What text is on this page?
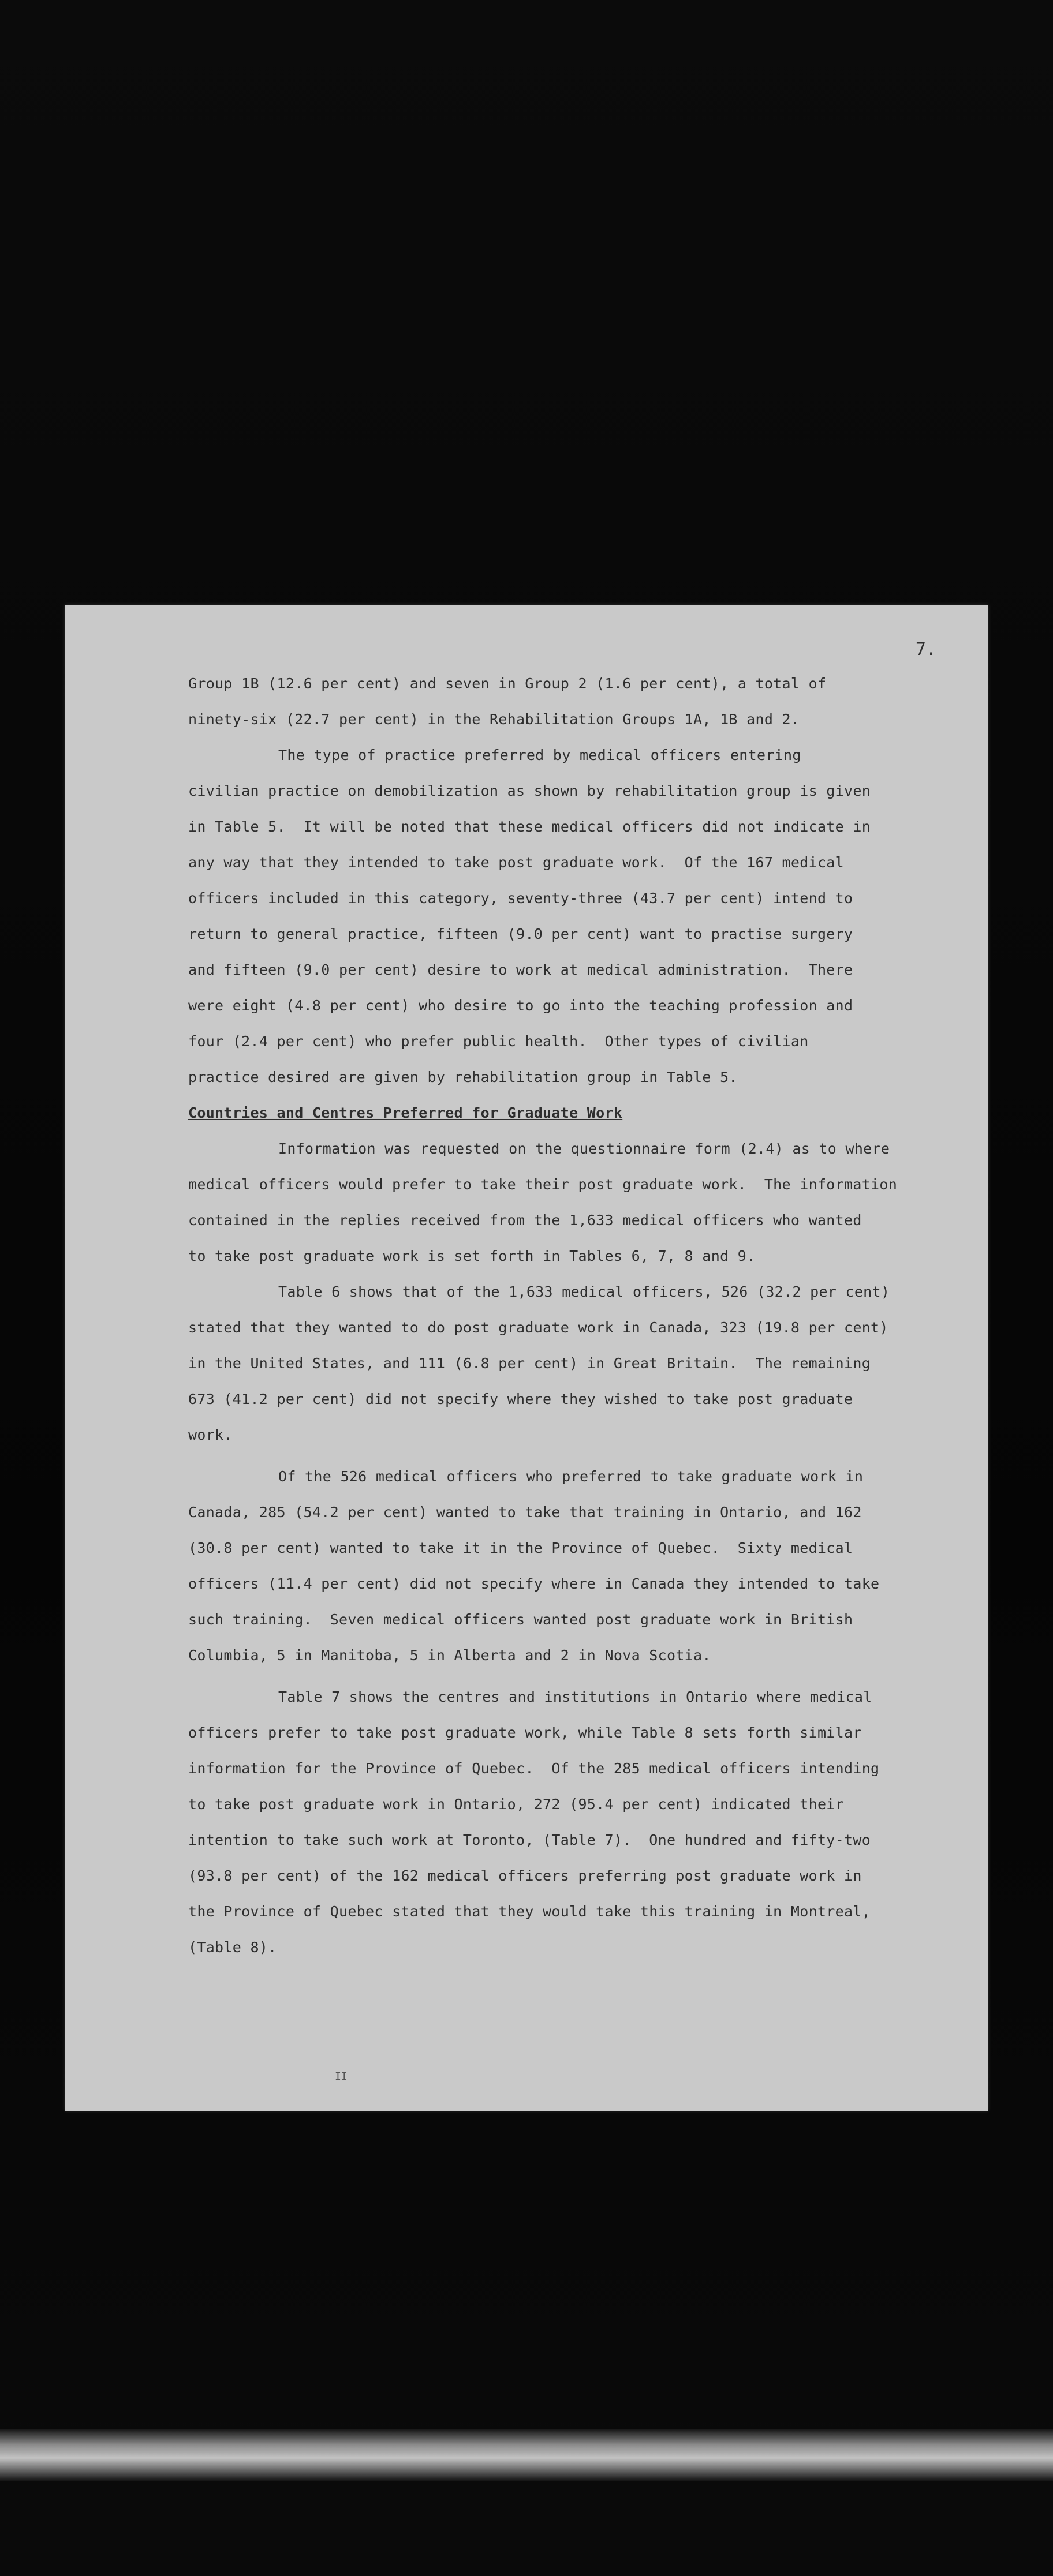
7.
Group 1B (12.6 per cent) and seven in Group 2 (1.6 per cent), a total of
ninety-six (22.7 per cent) in the Rehabilitation Groups 1A, 1B and 2.
The type of practice preferred by medical officers entering
civilian practice on demobilization as shown by rehabilitation group is given
in Table 5.  It will be noted that these medical officers did not indicate in
any way that they intended to take post graduate work.  Of the 167 medical
officers included in this category, seventy-three (43.7 per cent) intend to
return to general practice, fifteen (9.0 per cent) want to practise surgery
and fifteen (9.0 per cent) desire to work at medical administration.  There
were eight (4.8 per cent) who desire to go into the teaching profession and
four (2.4 per cent) who prefer public health.  Other types of civilian
practice desired are given by rehabilitation group in Table 5.
Countries and Centres Preferred for Graduate Work
Information was requested on the questionnaire form (2.4) as to where
medical officers would prefer to take their post graduate work.  The information
contained in the replies received from the 1,633 medical officers who wanted
to take post graduate work is set forth in Tables 6, 7, 8 and 9.
Table 6 shows that of the 1,633 medical officers, 526 (32.2 per cent)
stated that they wanted to do post graduate work in Canada, 323 (19.8 per cent)
in the United States, and 111 (6.8 per cent) in Great Britain.  The remaining
673 (41.2 per cent) did not specify where they wished to take post graduate
work.
Of the 526 medical officers who preferred to take graduate work in
Canada, 285 (54.2 per cent) wanted to take that training in Ontario, and 162
(30.8 per cent) wanted to take it in the Province of Quebec.  Sixty medical
officers (11.4 per cent) did not specify where in Canada they intended to take
such training.  Seven medical officers wanted post graduate work in British
Columbia, 5 in Manitoba, 5 in Alberta and 2 in Nova Scotia.
Table 7 shows the centres and institutions in Ontario where medical
officers prefer to take post graduate work, while Table 8 sets forth similar
information for the Province of Quebec.  Of the 285 medical officers intending
to take post graduate work in Ontario, 272 (95.4 per cent) indicated their
intention to take such work at Toronto, (Table 7).  One hundred and fifty-two
(93.8 per cent) of the 162 medical officers preferring post graduate work in
the Province of Quebec stated that they would take this training in Montreal,
(Table 8).
II
